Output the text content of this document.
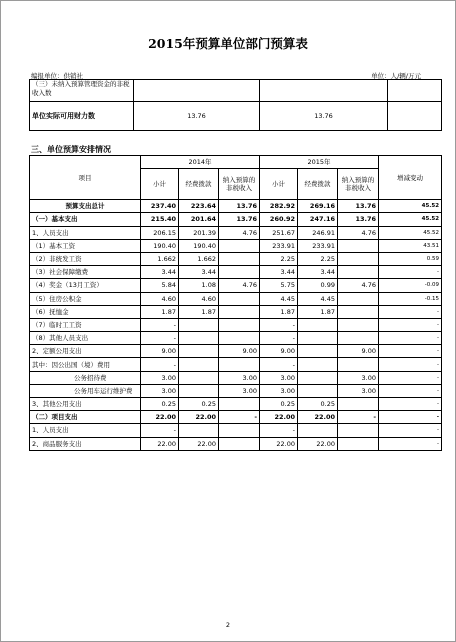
2015年预算单位部门预算表
编报单位：供销社	单位：人/辆/万元
（三）未纳入预算管理资金的非税收入数			
单位实际可用财力数	13.76	13.76	
三、单位预算安排情况
项目	2014年			2015年			增减变动
	小计	经费拨款	纳入预算的非税收入	小计	经费拨款	纳入预算的非税收入	
预算支出总计	237.40	223.64	13.76	282.92	269.16	13.76	45.52
（一）基本支出	215.40	201.64	13.76	260.92	247.16	13.76	45.52
1、人员支出	206.15	201.39	4.76	251.67	246.91	4.76	45.52
（1）基本工资	190.40	190.40		233.91	233.91		43.51
（2）非统发工资	1.662	1.662		2.25	2.25		0.59
（3）社会保障缴费	3.44	3.44		3.44	3.44		-
（4）奖金（13月工资）	5.84	1.08	4.76	5.75	0.99	4.76	-0.09
（5）住房公积金	4.60	4.60		4.45	4.45		-0.15
（6）抚恤金	1.87	1.87		1.87	1.87		-
（7）临时工工资	-			-			-
（8）其他人员支出	-			-			-
2、定额公用支出	9.00		9.00	9.00		9.00	-
其中：因公出国（境）费用	-			-			-
公务招待费	3.00		3.00	3.00		3.00	-
公务用车运行维护费	3.00		3.00	3.00		3.00	-
3、其他公用支出	0.25	0.25		0.25	0.25		-
（二）项目支出	22.00	22.00	-	22.00	22.00	-	-
1、人员支出	-			-			-
2、商品服务支出	22.00	22.00		22.00	22.00		-
2
